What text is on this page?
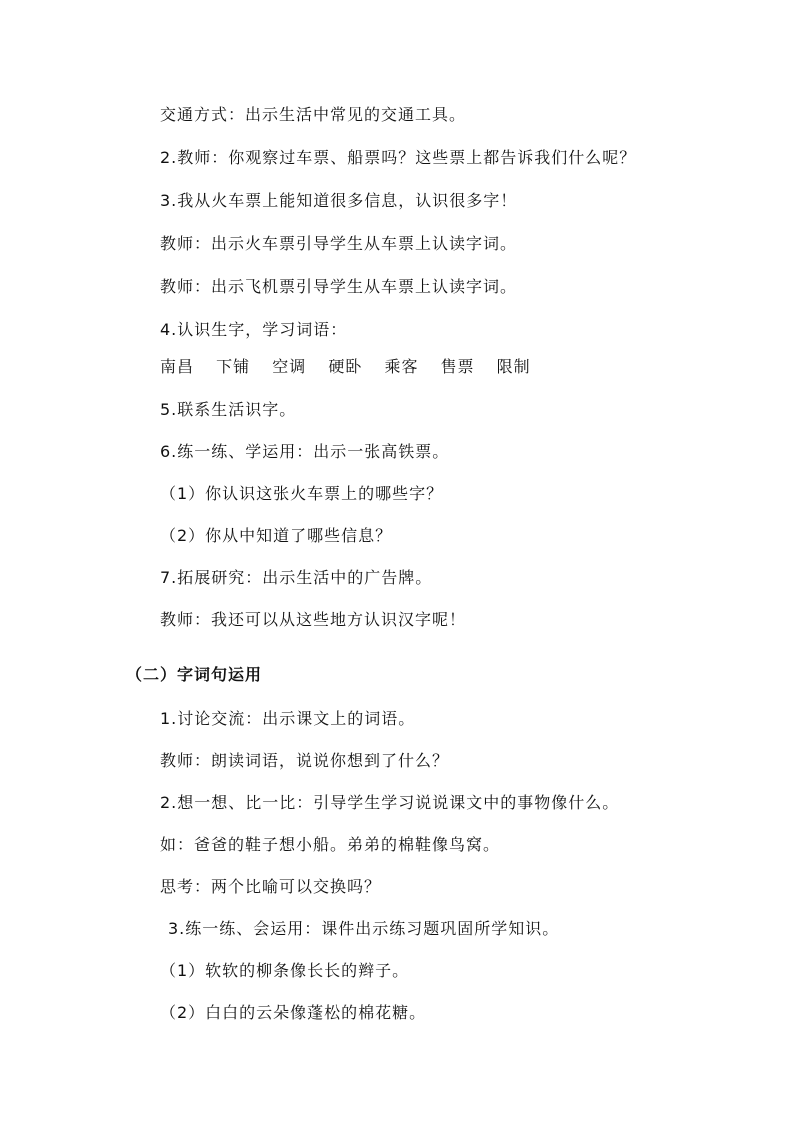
交通方式：出示生活中常见的交通工具。
2.教师：你观察过车票、船票吗？这些票上都告诉我们什么呢？
3.我从火车票上能知道很多信息，认识很多字！
教师：出示火车票引导学生从车票上认读字词。
教师：出示飞机票引导学生从车票上认读字词。
4.认识生字，学习词语：
南昌 下铺 空调 硬卧 乘客 售票 限制
5.联系生活识字。
6.练一练、学运用：出示一张高铁票。
（1）你认识这张火车票上的哪些字？
（2）你从中知道了哪些信息？
7.拓展研究：出示生活中的广告牌。
教师：我还可以从这些地方认识汉字呢！
（二）字词句运用
1.讨论交流：出示课文上的词语。
教师：朗读词语，说说你想到了什么？
2.想一想、比一比：引导学生学习说说课文中的事物像什么。
如：爸爸的鞋子想小船。弟弟的棉鞋像鸟窝。
思考：两个比喻可以交换吗？
3.练一练、会运用：课件出示练习题巩固所学知识。
（1）软软的柳条像长长的辫子。
（2）白白的云朵像蓬松的棉花糖。
